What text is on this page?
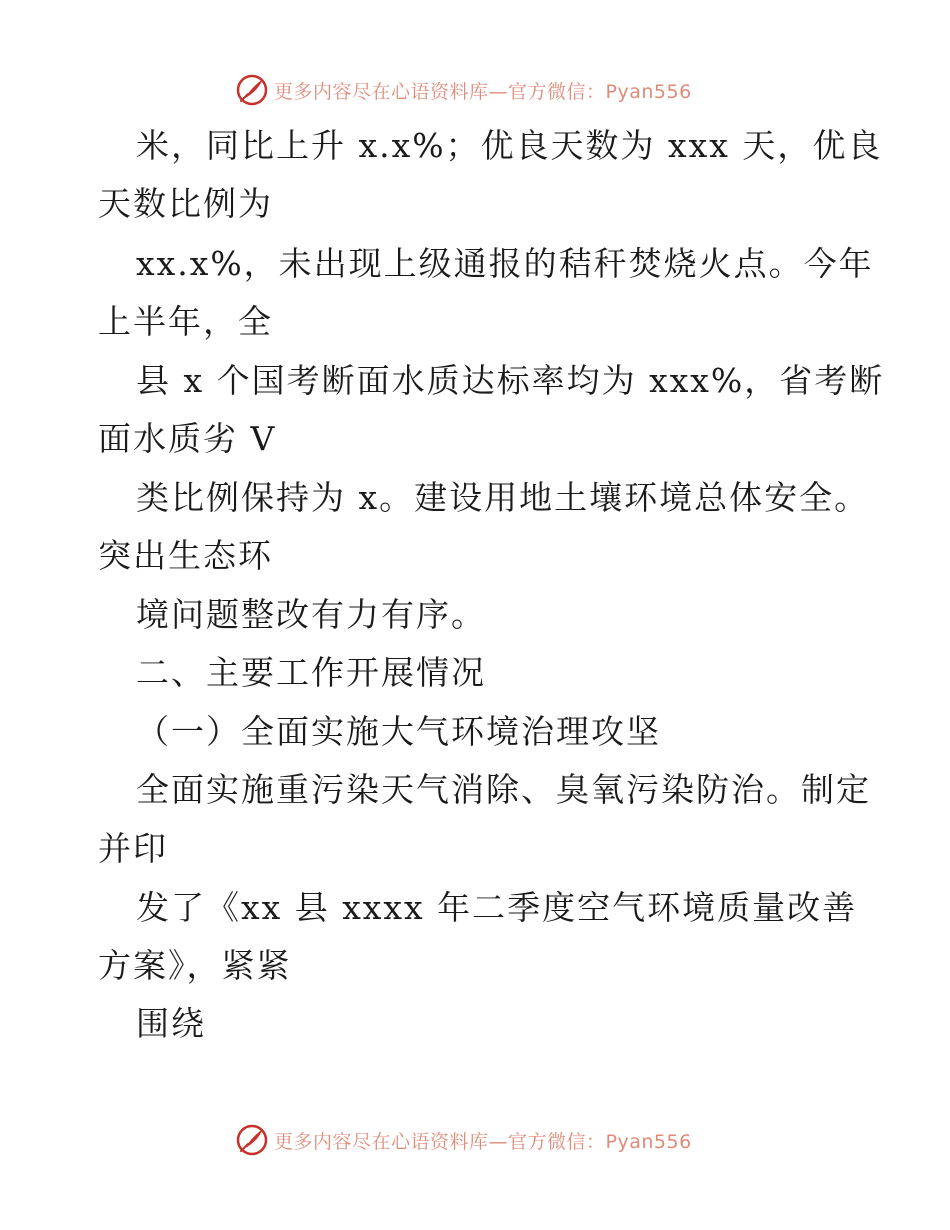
更多内容尽在心语资料库—官方微信：Pyan556
米，同比上升 x.x%；优良天数为 xxx 天，优良
天数比例为
xx.x%，未出现上级通报的秸秆焚烧火点。今年
上半年，全
县 x 个国考断面水质达标率均为 xxx%，省考断
面水质劣 V
类比例保持为 x。建设用地土壤环境总体安全。
突出生态环
境问题整改有力有序。
二、主要工作开展情况
（一）全面实施大气环境治理攻坚
全面实施重污染天气消除、臭氧污染防治。制定
并印
发了《xx 县 xxxx 年二季度空气环境质量改善
方案》，紧紧
围绕
更多内容尽在心语资料库—官方微信：Pyan556
